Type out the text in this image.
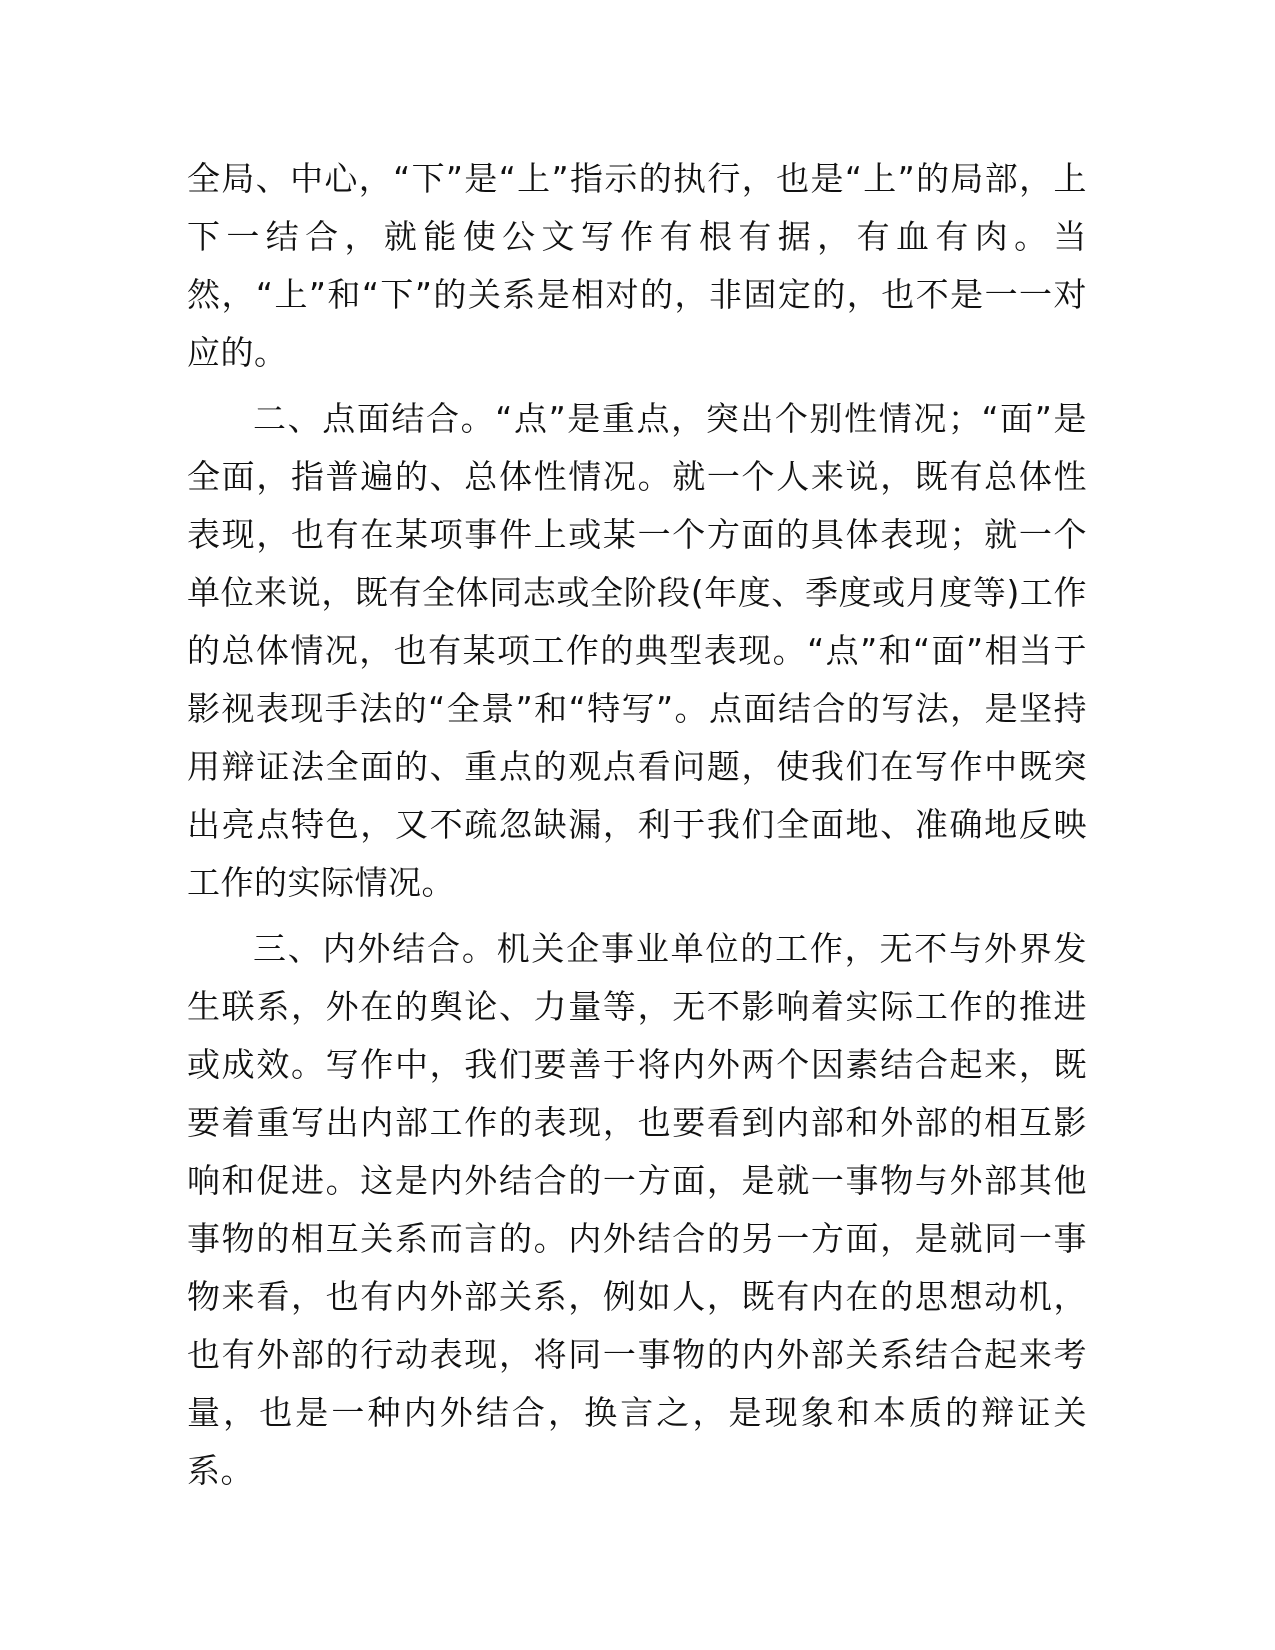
全局、中心，“下”是“上”指示的执行，也是“上”的局部，上下一结合，就能使公文写作有根有据，有血有肉。当然，“上”和“下”的关系是相对的，非固定的，也不是一一对应的。

二、点面结合。“点”是重点，突出个别性情况；“面”是全面，指普遍的、总体性情况。就一个人来说，既有总体性表现，也有在某项事件上或某一个方面的具体表现；就一个单位来说，既有全体同志或全阶段(年度、季度或月度等)工作的总体情况，也有某项工作的典型表现。“点”和“面”相当于影视表现手法的“全景”和“特写”。点面结合的写法，是坚持用辩证法全面的、重点的观点看问题，使我们在写作中既突出亮点特色，又不疏忽缺漏，利于我们全面地、准确地反映工作的实际情况。

三、内外结合。机关企事业单位的工作，无不与外界发生联系，外在的舆论、力量等，无不影响着实际工作的推进或成效。写作中，我们要善于将内外两个因素结合起来，既要着重写出内部工作的表现，也要看到内部和外部的相互影响和促进。这是内外结合的一方面，是就一事物与外部其他事物的相互关系而言的。内外结合的另一方面，是就同一事物来看，也有内外部关系，例如人，既有内在的思想动机，也有外部的行动表现，将同一事物的内外部关系结合起来考量，也是一种内外结合，换言之，是现象和本质的辩证关系。
